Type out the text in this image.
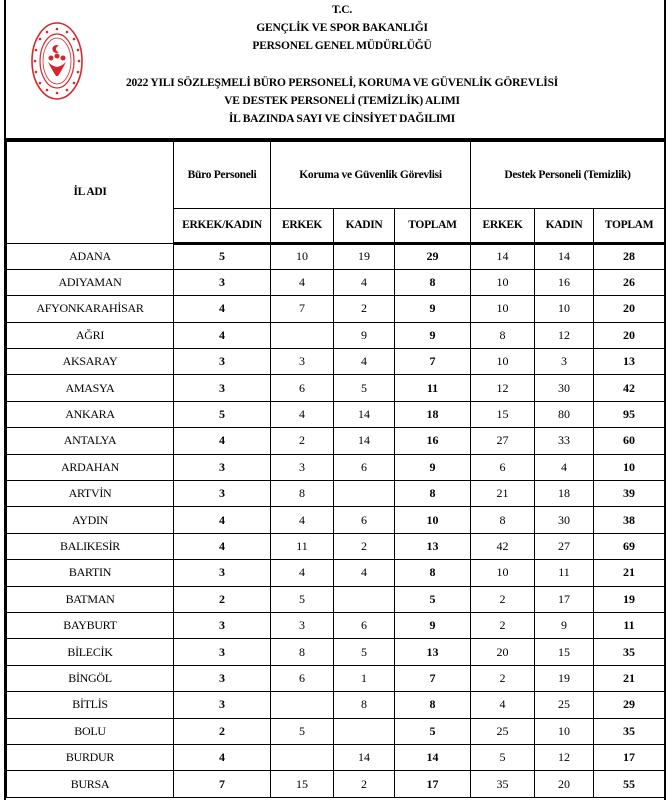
T.C.
GENÇLİK VE SPOR BAKANLIĞI
PERSONEL GENEL MÜDÜRLÜĞÜ
2022 YILI SÖZLEŞMELİ BÜRO PERSONELİ, KORUMA VE GÜVENLİK GÖREVLİSİ
VE DESTEK PERSONELİ (TEMİZLİK) ALIMI
İL BAZINDA SAYI VE CİNSİYET DAĞILIMI
İL ADI	Büro Personeli	Koruma ve Güvenlik Görevlisi			Destek Personeli (Temizlik)		
	ERKEK/KADIN	ERKEK	KADIN	TOPLAM	ERKEK	KADIN	TOPLAM
ADANA	5	10	19	29	14	14	28
ADIYAMAN	3	4	4	8	10	16	26
AFYONKARAHİSAR	4	7	2	9	10	10	20
AĞRI	4		9	9	8	12	20
AKSARAY	3	3	4	7	10	3	13
AMASYA	3	6	5	11	12	30	42
ANKARA	5	4	14	18	15	80	95
ANTALYA	4	2	14	16	27	33	60
ARDAHAN	3	3	6	9	6	4	10
ARTVİN	3	8		8	21	18	39
AYDIN	4	4	6	10	8	30	38
BALIKESİR	4	11	2	13	42	27	69
BARTIN	3	4	4	8	10	11	21
BATMAN	2	5		5	2	17	19
BAYBURT	3	3	6	9	2	9	11
BİLECİK	3	8	5	13	20	15	35
BİNGÖL	3	6	1	7	2	19	21
BİTLİS	3		8	8	4	25	29
BOLU	2	5		5	25	10	35
BURDUR	4		14	14	5	12	17
BURSA	7	15	2	17	35	20	55
